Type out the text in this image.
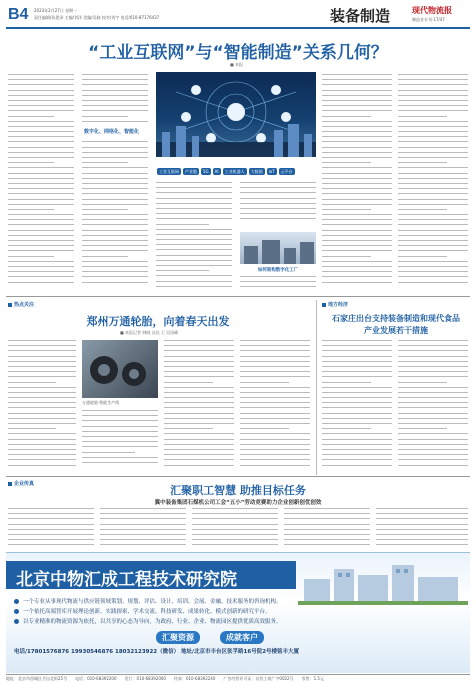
B4 2023年2月27日 星期一
责任编辑/孙恩泽 主编/刘洋 美编/吴晓 校对/刘宇 电话/010-87176437	装备制造	现代物流报
制造业专刊·17/47
“工业互联网”与“智能制造”关系几何？
■ 本报
数字化、网络化、智能化
工业互联网 产业链 5G AI 工业机器人 大数据 IoT 云平台
如何架构数字化工厂
热点关注
郑州万通轮胎，向着春天出发
■ 本报记者 韩晓 丛佳 王 吴国峰
万通轮胎·智能生产线
地方经济
石家庄出台支持装备制造和现代食品
产业发展若干措施
企业传真	汇聚职工智慧 助推目标任务
冀中装备集团石煤机公司工会“五小”劳动竞赛助力企业创新创优创效
北京中物汇成工程技术研究院
一个专业从事现代物流与供应链领域策划、规划、评估、设计、培训、会展、金融、技术服务的咨询机构。
一个依托高端智库开展理论创新、实践探索、学术交流、科技研发、成果转化、模式创新的研究平台。
以专业精准的物流资源为依托，以共享的心态为导向，为政府、行业、企业、物流园区提供优质高效服务。
汇聚资源	成就客户
电话/17801576876 19930546876 18032123922（微信） 地址/北京市丰台区张孚路16号院2号楼铭丰大厦
地址：北京市西城区月坛北街25号　　电话：010-68392200　　发行：010-68392000　　传真：010-68392240　　广告经营许可证：京西工商广字0022号　　零售：1.5元
